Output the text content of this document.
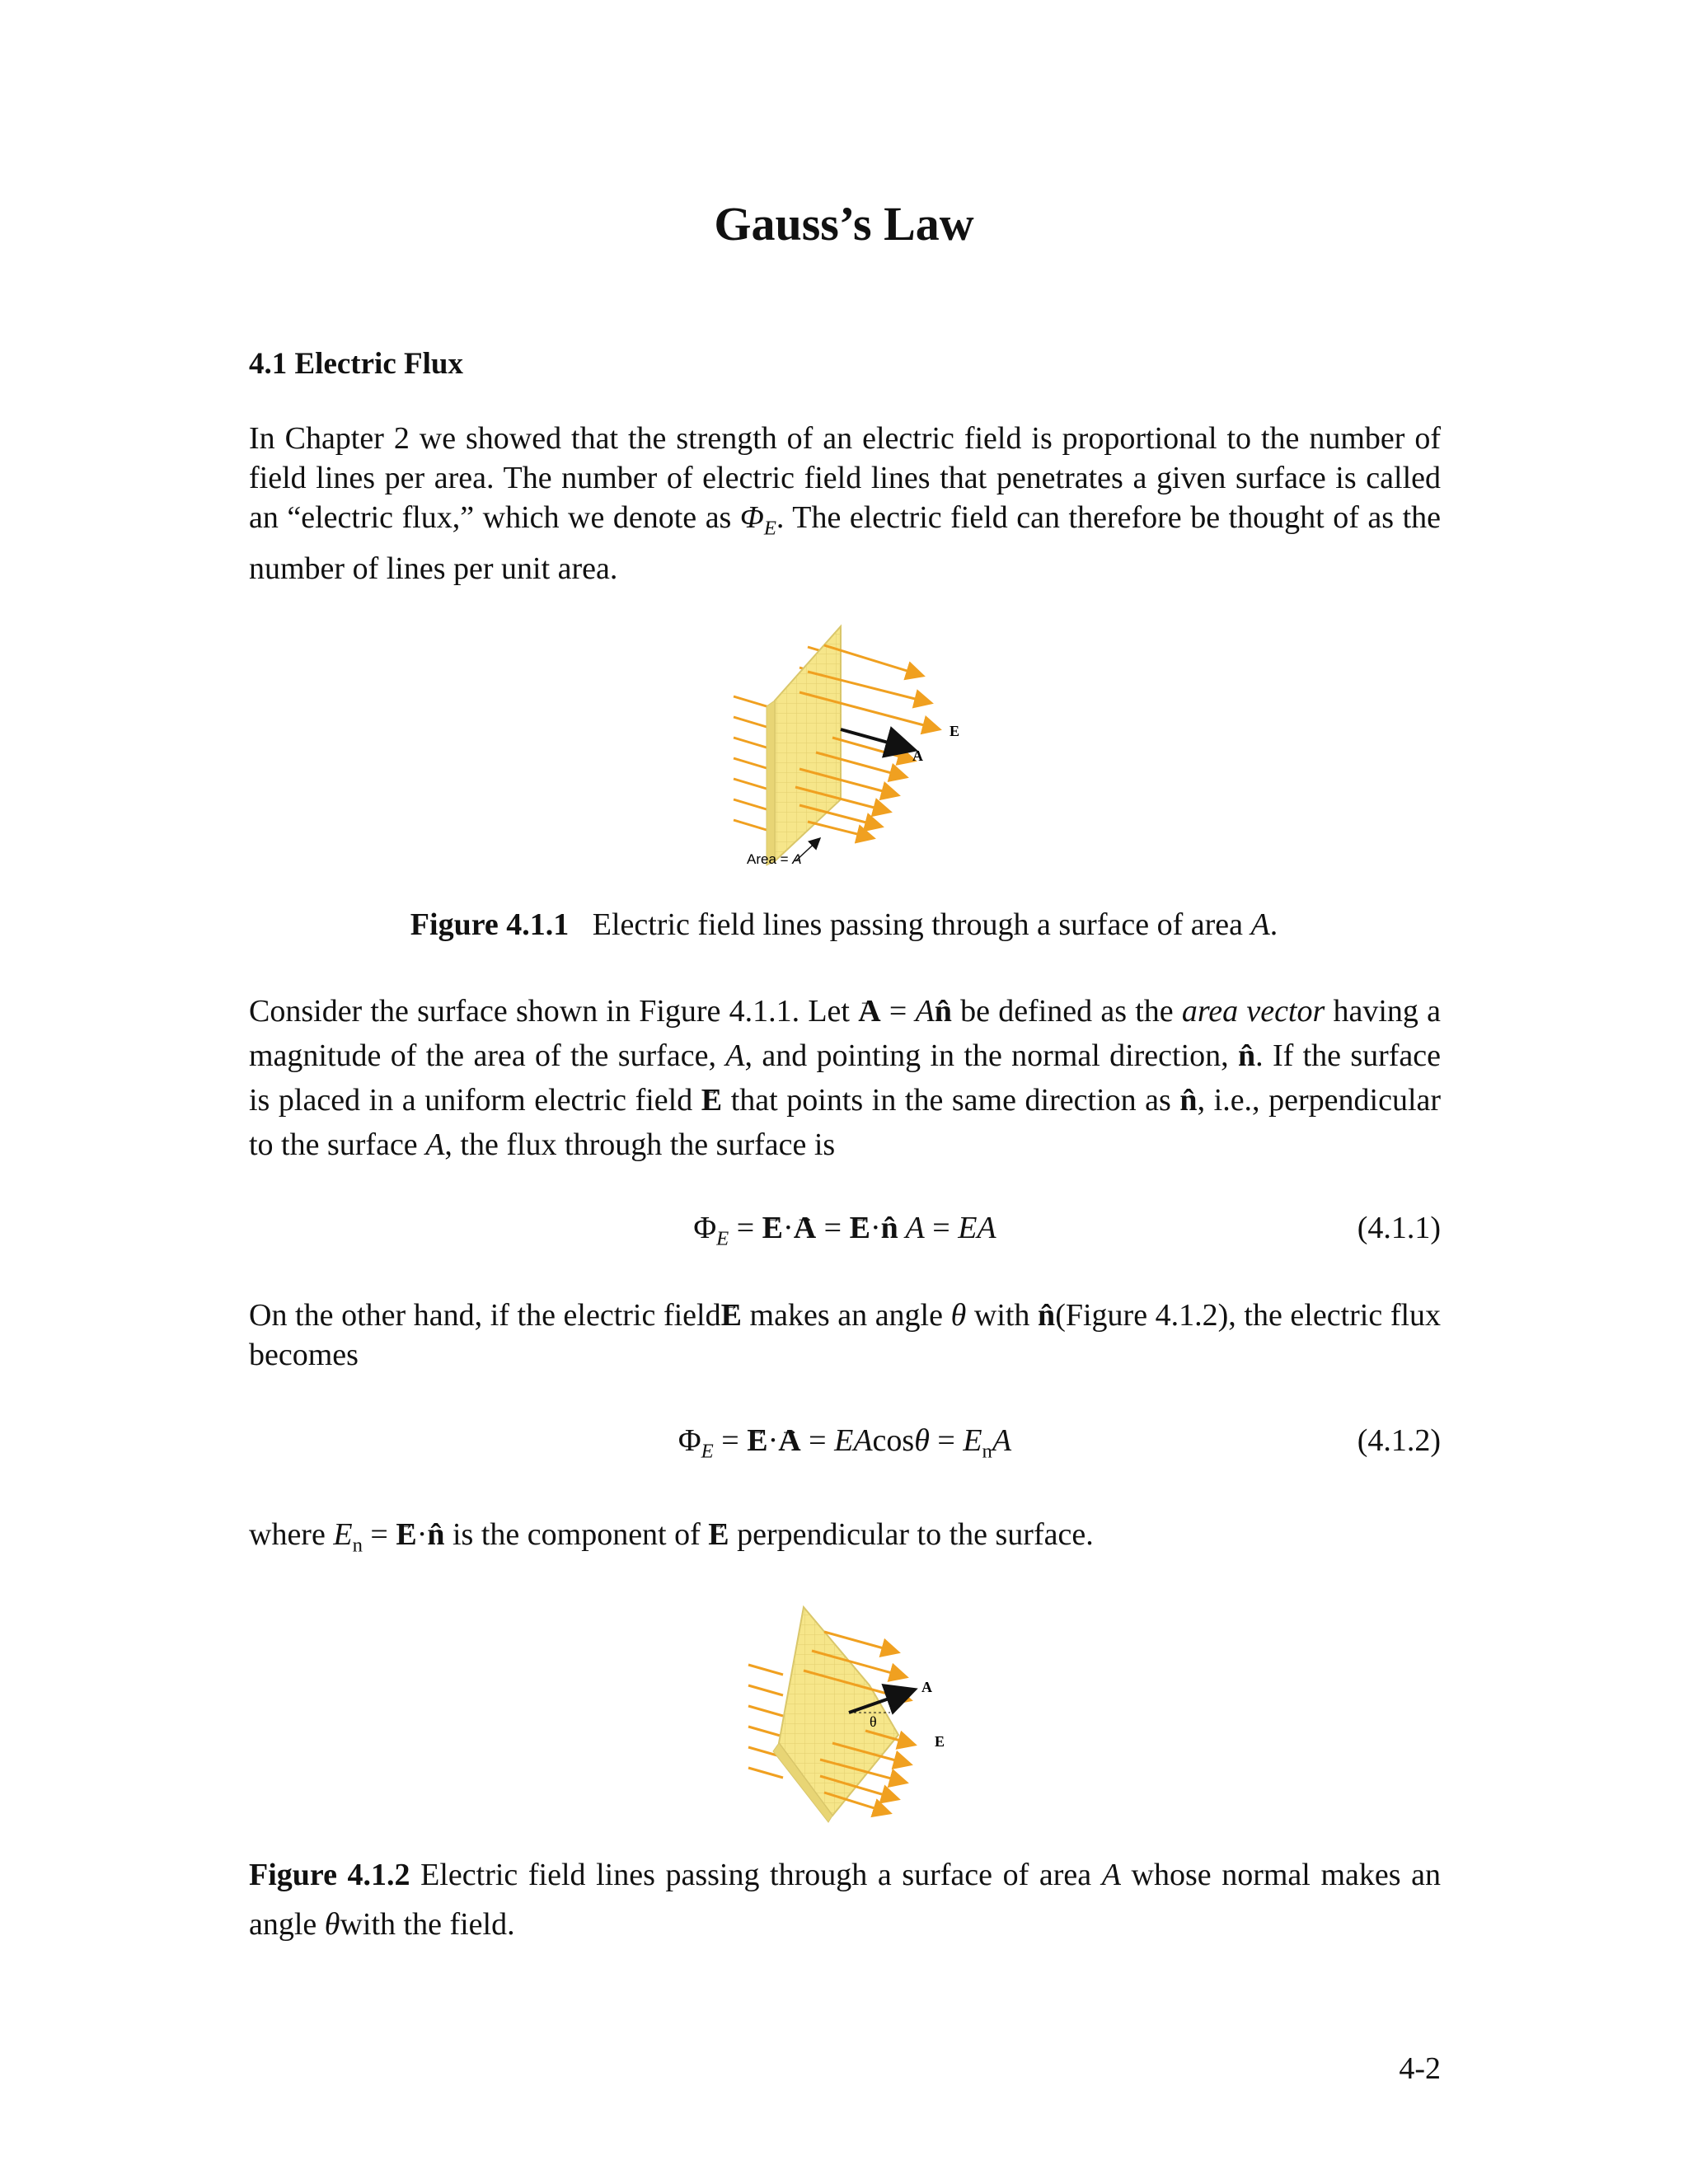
Gauss’s Law
4.1 Electric Flux

In Chapter 2 we showed that the strength of an electric field is proportional to the number of field lines per area. The number of electric field lines that penetrates a given surface is called an “electric flux,” which we denote as $\Phi_E$. The electric field can therefore be thought of as the number of lines per unit area.

E
A
Area = A

Figure 4.1.1 Electric field lines passing through a surface of area A.

Consider the surface shown in Figure 4.1.1. Let → A = An̂ be defined as the area vector having a magnitude of the area of the surface, A, and pointing in the normal direction, n̂. If the surface is placed in a uniform electric field → E that points in the same direction as n̂, i.e., perpendicular to the surface A, the flux through the surface is

$\Phi_E$ = → E·→ A = → E·n̂ A = EA	(4.1.1)

On the other hand, if the electric field→ E makes an angle θ with n̂(Figure 4.1.2), the electric flux becomes

$\Phi_E$ = → $E\cdot\to A = EAcos\theta = E_nA$	(4.1.2)

where $E_n$ = → E·n̂ is the component of → E perpendicular to the surface.

θ
A
E

Figure 4.1.2 Electric field lines passing through a surface of area A whose normal makes an angle θwith the field.

4-2
